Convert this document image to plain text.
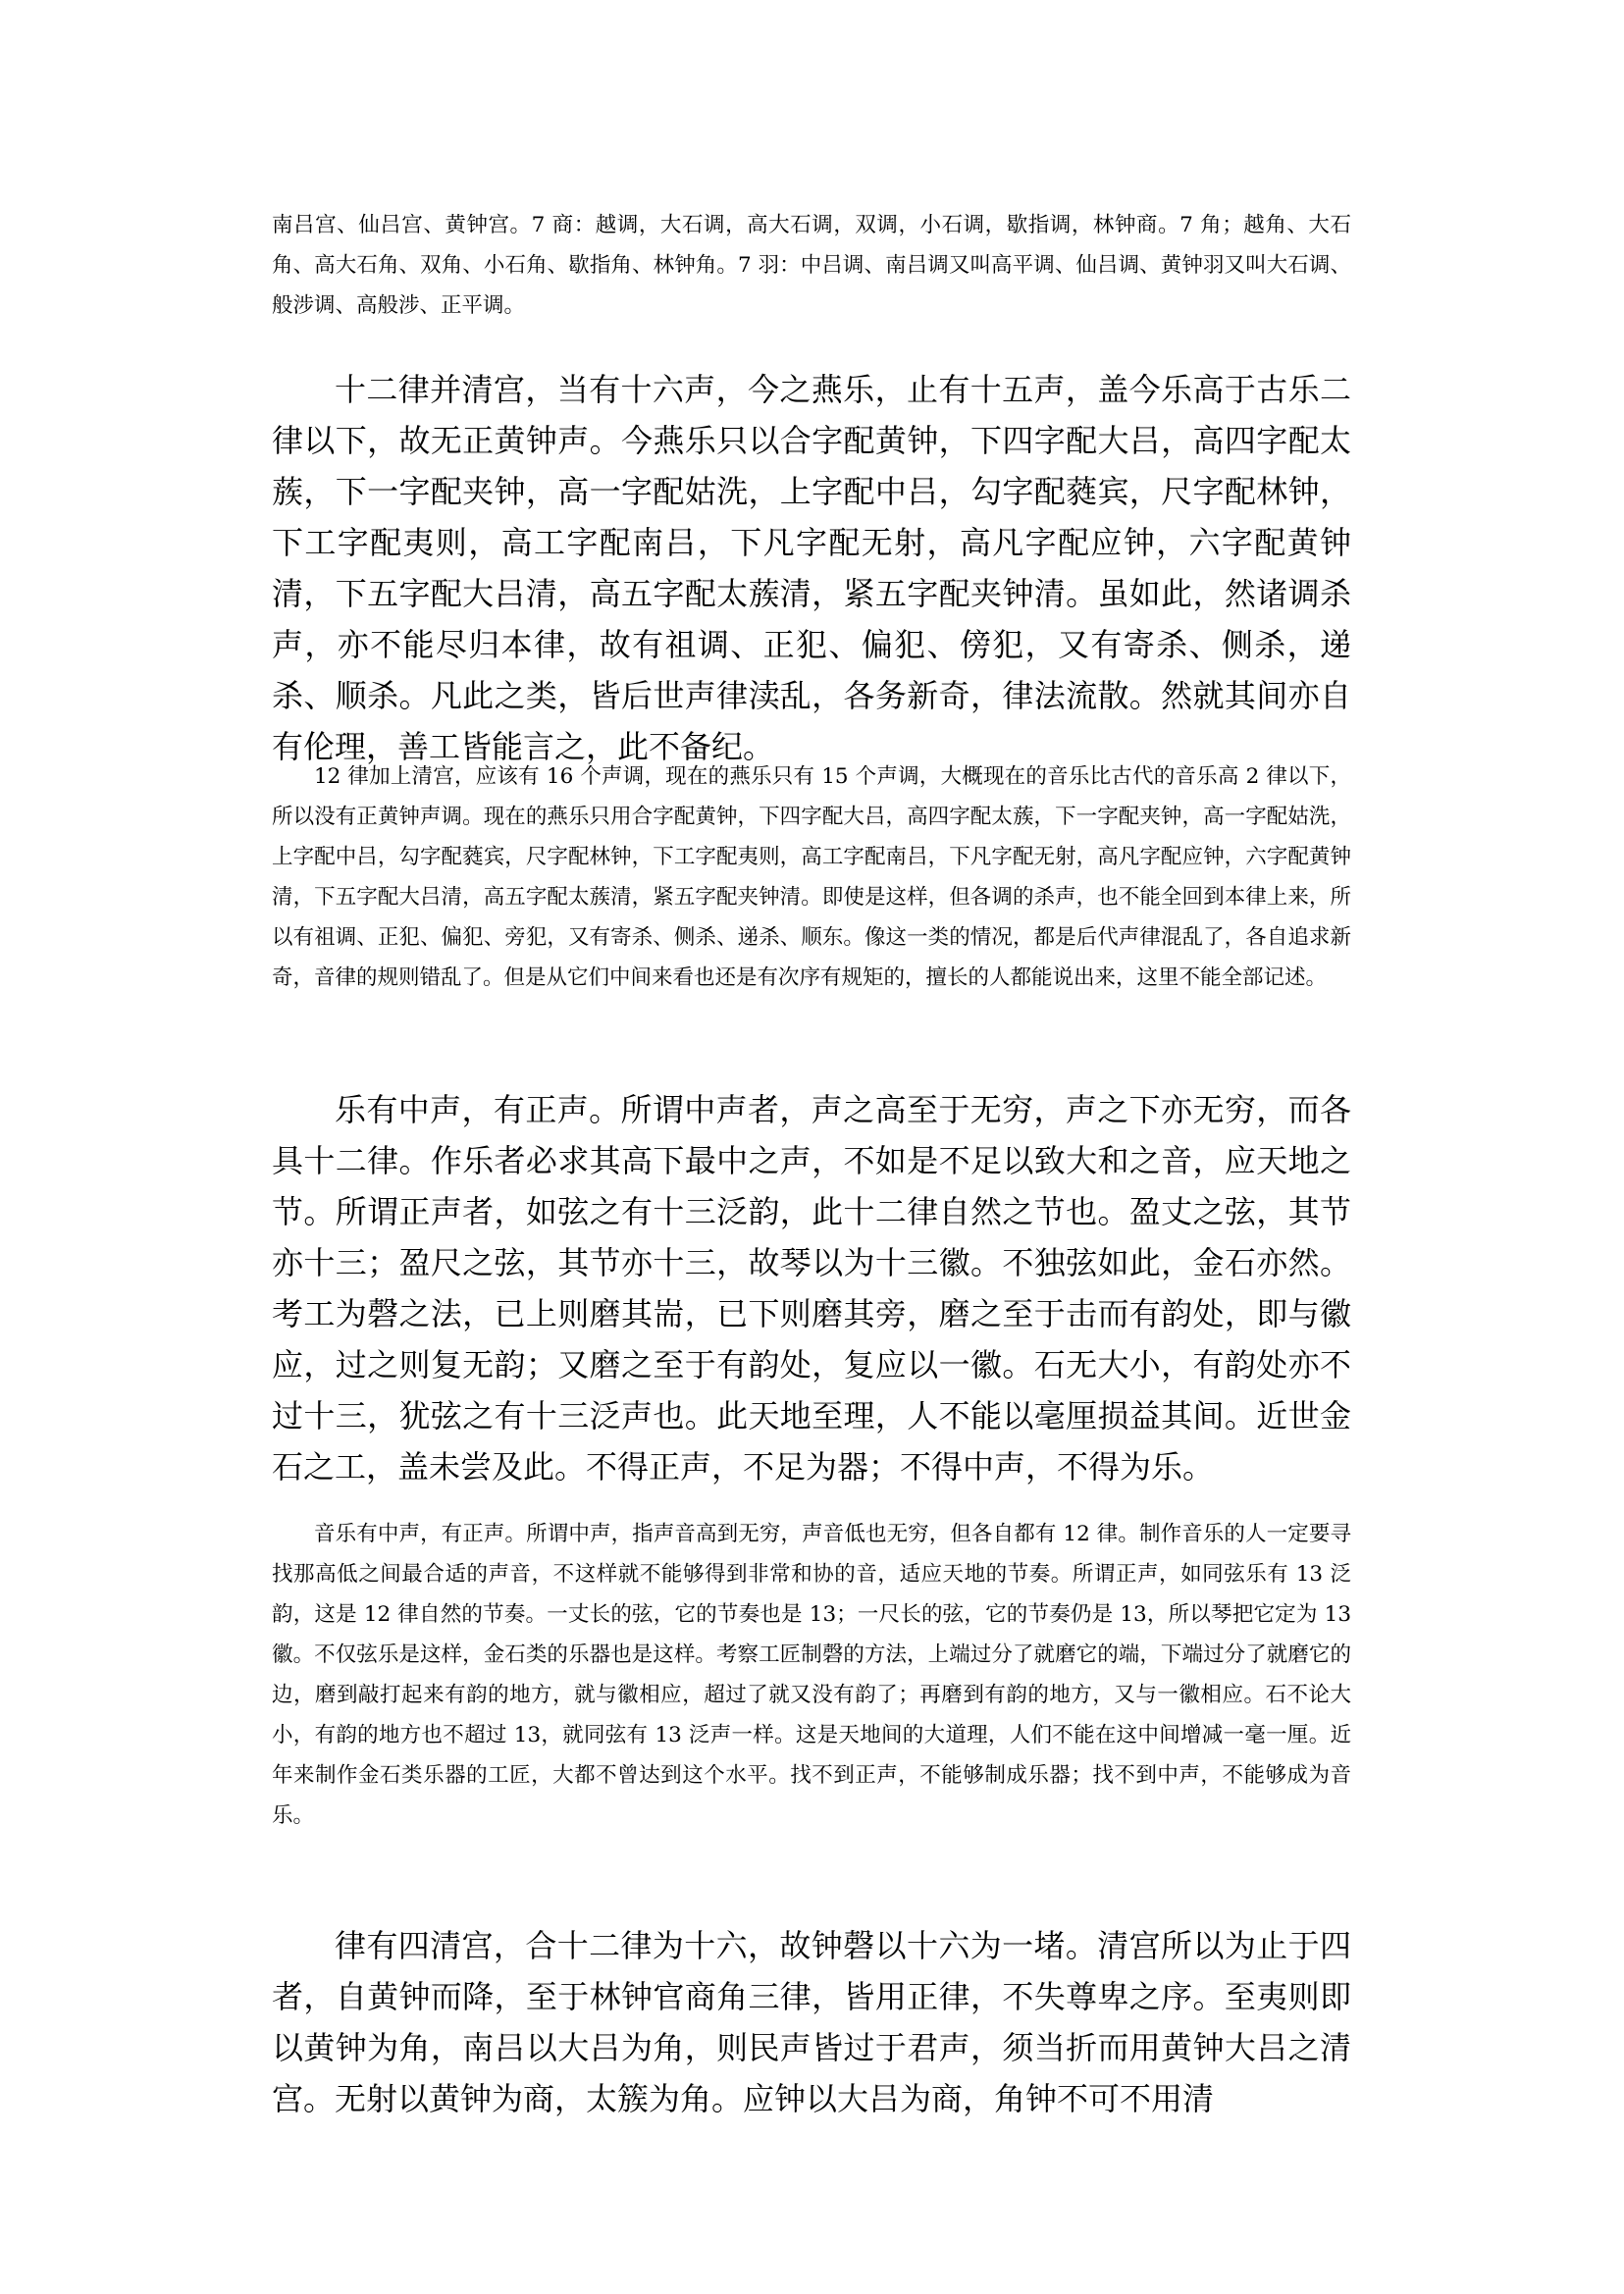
南吕宫、仙吕宫、黄钟宫。7 商：越调，大石调，高大石调，双调，小石调，歇指调，林钟商。7 角；越角、大石角、高大石角、双角、小石角、歇指角、林钟角。7 羽：中吕调、南吕调又叫高平调、仙吕调、黄钟羽又叫大石调、般涉调、高般涉、正平调。

十二律并清宫，当有十六声，今之燕乐，止有十五声，盖今乐高于古乐二律以下，故无正黄钟声。今燕乐只以合字配黄钟，下四字配大吕，高四字配太蔟，下一字配夹钟，高一字配姑洗，上字配中吕，勾字配蕤宾，尺字配林钟，下工字配夷则，高工字配南吕，下凡字配无射，高凡字配应钟，六字配黄钟清，下五字配大吕清，高五字配太蔟清，紧五字配夹钟清。虽如此，然诸调杀声，亦不能尽归本律，故有祖调、正犯、偏犯、傍犯，又有寄杀、侧杀，递杀、顺杀。凡此之类，皆后世声律渎乱，各务新奇，律法流散。然就其间亦自有伦理，善工皆能言之，此不备纪。

12 律加上清宫，应该有 16 个声调，现在的燕乐只有 15 个声调，大概现在的音乐比古代的音乐高 2 律以下，所以没有正黄钟声调。现在的燕乐只用合字配黄钟，下四字配大吕，高四字配太蔟，下一字配夹钟，高一字配姑洗，上字配中吕，勾字配蕤宾，尺字配林钟，下工字配夷则，高工字配南吕，下凡字配无射，高凡字配应钟，六字配黄钟清，下五字配大吕清，高五字配太蔟清，紧五字配夹钟清。即使是这样，但各调的杀声，也不能全回到本律上来，所以有祖调、正犯、偏犯、旁犯，又有寄杀、侧杀、递杀、顺东。像这一类的情况，都是后代声律混乱了，各自追求新奇，音律的规则错乱了。但是从它们中间来看也还是有次序有规矩的，擅长的人都能说出来，这里不能全部记述。

乐有中声，有正声。所谓中声者，声之高至于无穷，声之下亦无穷，而各具十二律。作乐者必求其高下最中之声，不如是不足以致大和之音，应天地之节。所谓正声者，如弦之有十三泛韵，此十二律自然之节也。盈丈之弦，其节亦十三；盈尺之弦，其节亦十三，故琴以为十三徽。不独弦如此，金石亦然。考工为磬之法，已上则磨其耑，已下则磨其旁，磨之至于击而有韵处，即与徽应，过之则复无韵；又磨之至于有韵处，复应以一徽。石无大小，有韵处亦不过十三，犹弦之有十三泛声也。此天地至理，人不能以毫厘损益其间。近世金石之工，盖未尝及此。不得正声，不足为器；不得中声，不得为乐。

音乐有中声，有正声。所谓中声，指声音高到无穷，声音低也无穷，但各自都有 12 律。制作音乐的人一定要寻找那高低之间最合适的声音，不这样就不能够得到非常和协的音，适应天地的节奏。所谓正声，如同弦乐有 13 泛韵，这是 12 律自然的节奏。一丈长的弦，它的节奏也是 13；一尺长的弦，它的节奏仍是 13，所以琴把它定为 13 徽。不仅弦乐是这样，金石类的乐器也是这样。考察工匠制磬的方法，上端过分了就磨它的端，下端过分了就磨它的边，磨到敲打起来有韵的地方，就与徽相应，超过了就又没有韵了；再磨到有韵的地方，又与一徽相应。石不论大小，有韵的地方也不超过 13，就同弦有 13 泛声一样。这是天地间的大道理，人们不能在这中间增减一毫一厘。近年来制作金石类乐器的工匠，大都不曾达到这个水平。找不到正声，不能够制成乐器；找不到中声，不能够成为音乐。

律有四清宫，合十二律为十六，故钟磬以十六为一堵。清宫所以为止于四者，自黄钟而降，至于林钟官商角三律，皆用正律，不失尊卑之序。至夷则即以黄钟为角，南吕以大吕为角，则民声皆过于君声，须当折而用黄钟大吕之清宫。无射以黄钟为商，太簇为角。应钟以大吕为商，角钟不可不用清
